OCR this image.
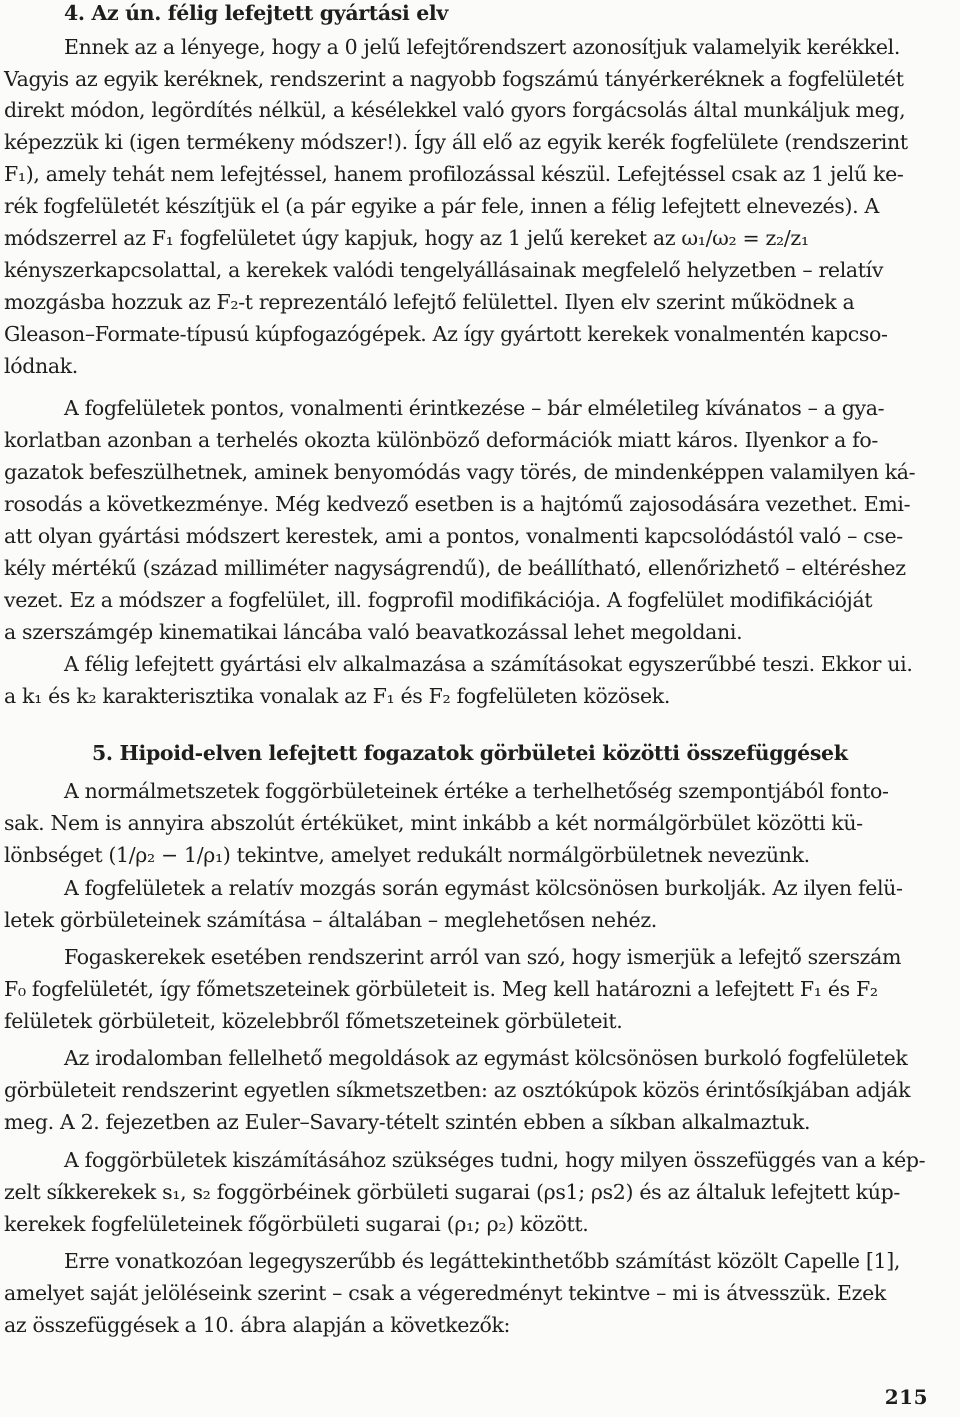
4. Az ún. félig lefejtett gyártási elv
Ennek az a lényege, hogy a 0 jelű lefejtőrendszert azonosítjuk valamelyik kerékkel.
Vagyis az egyik keréknek, rendszerint a nagyobb fogszámú tányérkeréknek a fogfelületét
direkt módon, legördítés nélkül, a késélekkel való gyors forgácsolás által munkáljuk meg,
képezzük ki (igen termékeny módszer!). Így áll elő az egyik kerék fogfelülete (rendszerint
F₁), amely tehát nem lefejtéssel, hanem profilozással készül. Lefejtéssel csak az 1 jelű ke-
rék fogfelületét készítjük el (a pár egyike a pár fele, innen a félig lefejtett elnevezés). A
módszerrel az F₁ fogfelületet úgy kapjuk, hogy az 1 jelű kereket az ω₁/ω₂ = z₂/z₁
kényszerkapcsolattal, a kerekek valódi tengelyállásainak megfelelő helyzetben – relatív
mozgásba hozzuk az F₂-t reprezentáló lefejtő felülettel. Ilyen elv szerint működnek a
Gleason–Formate-típusú kúpfogazógépek. Az így gyártott kerekek vonalmentén kapcso-
lódnak.
A fogfelületek pontos, vonalmenti érintkezése – bár elméletileg kívánatos – a gya-
korlatban azonban a terhelés okozta különböző deformációk miatt káros. Ilyenkor a fo-
gazatok befeszülhetnek, aminek benyomódás vagy törés, de mindenképpen valamilyen ká-
rosodás a következménye. Még kedvező esetben is a hajtómű zajosodására vezethet. Emi-
att olyan gyártási módszert kerestek, ami a pontos, vonalmenti kapcsolódástól való – cse-
kély mértékű (század milliméter nagyságrendű), de beállítható, ellenőrizhető – eltéréshez
vezet. Ez a módszer a fogfelület, ill. fogprofil modifikációja. A fogfelület modifikációját
a szerszámgép kinematikai láncába való beavatkozással lehet megoldani.
A félig lefejtett gyártási elv alkalmazása a számításokat egyszerűbbé teszi. Ekkor ui.
a k₁ és k₂ karakterisztika vonalak az F₁ és F₂ fogfelületen közösek.
5. Hipoid-elven lefejtett fogazatok görbületei közötti összefüggések
A normálmetszetek foggörbületeinek értéke a terhelhetőség szempontjából fonto-
sak. Nem is annyira abszolút értéküket, mint inkább a két normálgörbület közötti kü-
lönbséget (1/ρ₂ − 1/ρ₁) tekintve, amelyet redukált normálgörbületnek nevezünk.
A fogfelületek a relatív mozgás során egymást kölcsönösen burkolják. Az ilyen felü-
letek görbületeinek számítása – általában – meglehetősen nehéz.
Fogaskerekek esetében rendszerint arról van szó, hogy ismerjük a lefejtő szerszám
F₀ fogfelületét, így főmetszeteinek görbületeit is. Meg kell határozni a lefejtett F₁ és F₂
felületek görbületeit, közelebbről főmetszeteinek görbületeit.
Az irodalomban fellelhető megoldások az egymást kölcsönösen burkoló fogfelületek
görbületeit rendszerint egyetlen síkmetszetben: az osztókúpok közös érintősíkjában adják
meg. A 2. fejezetben az Euler–Savary-tételt szintén ebben a síkban alkalmaztuk.
A foggörbületek kiszámításához szükséges tudni, hogy milyen összefüggés van a kép-
zelt síkkerekek s₁, s₂ foggörbéinek görbületi sugarai (ρs1; ρs2) és az általuk lefejtett kúp-
kerekek fogfelületeinek főgörbületi sugarai (ρ₁; ρ₂) között.
Erre vonatkozóan legegyszerűbb és legáttekinthetőbb számítást közölt Capelle [1],
amelyet saját jelöléseink szerint – csak a végeredményt tekintve – mi is átvesszük. Ezek
az összefüggések a 10. ábra alapján a következők:
215
